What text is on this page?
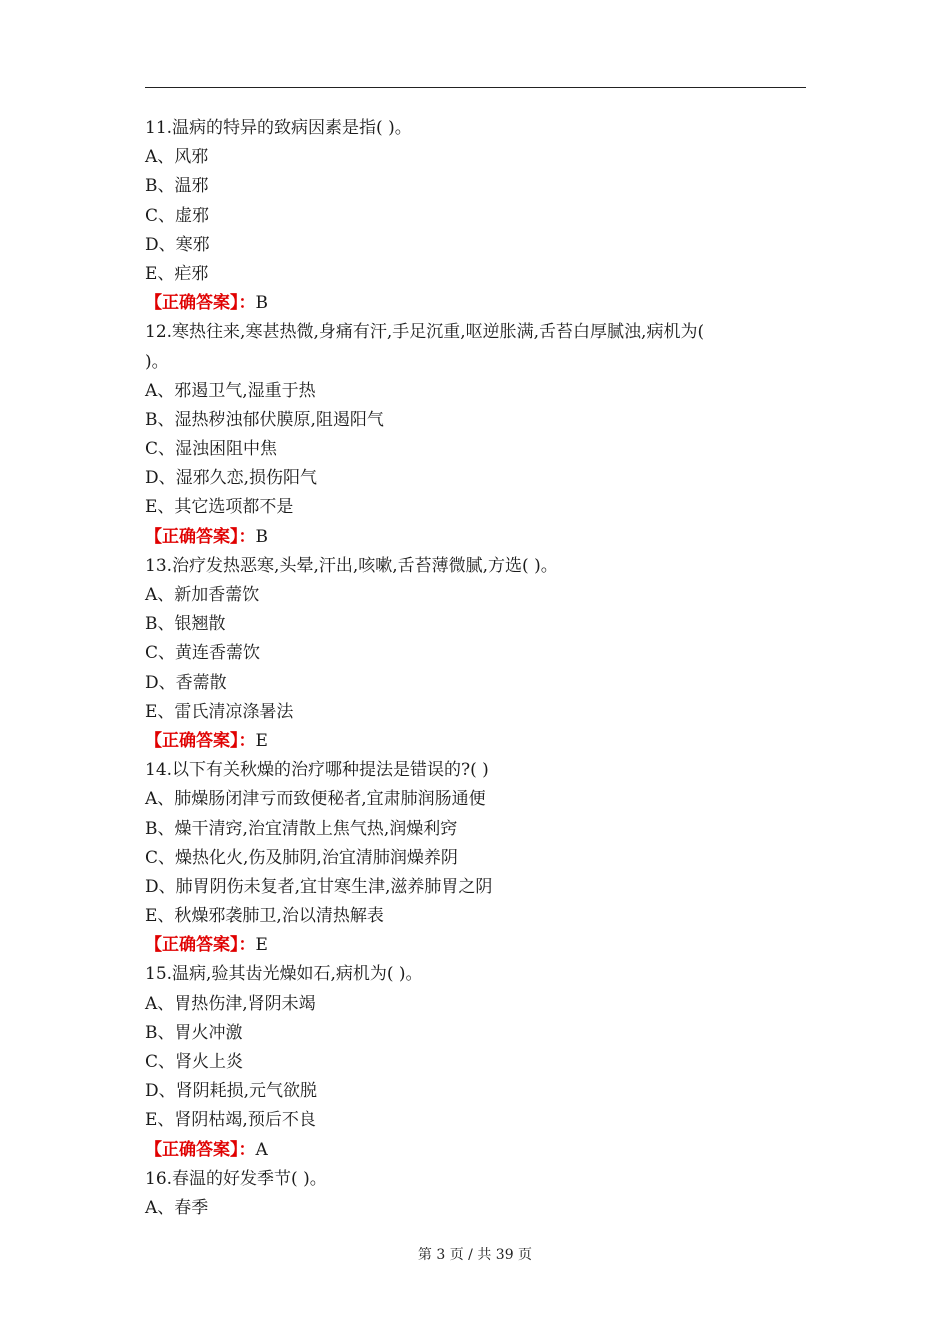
11.温病的特异的致病因素是指( )。
A、风邪
B、温邪
C、虚邪
D、寒邪
E、疟邪
【正确答案】：B
12.寒热往来,寒甚热微,身痛有汗,手足沉重,呕逆胀满,舌苔白厚腻浊,病机为(
)。
A、邪遏卫气,湿重于热
B、湿热秽浊郁伏膜原,阻遏阳气
C、湿浊困阻中焦
D、湿邪久恋,损伤阳气
E、其它选项都不是
【正确答案】：B
13.治疗发热恶寒,头晕,汗出,咳嗽,舌苔薄微腻,方选( )。
A、新加香薷饮
B、银翘散
C、黄连香薷饮
D、香薷散
E、雷氏清凉涤暑法
【正确答案】：E
14.以下有关秋燥的治疗哪种提法是错误的?( )
A、肺燥肠闭津亏而致便秘者,宜肃肺润肠通便
B、燥干清窍,治宜清散上焦气热,润燥利窍
C、燥热化火,伤及肺阴,治宜清肺润燥养阴
D、肺胃阴伤未复者,宜甘寒生津,滋养肺胃之阴
E、秋燥邪袭肺卫,治以清热解表
【正确答案】：E
15.温病,验其齿光燥如石,病机为( )。
A、胃热伤津,肾阴未竭
B、胃火冲激
C、肾火上炎
D、肾阴耗损,元气欲脱
E、肾阴枯竭,预后不良
【正确答案】：A
16.春温的好发季节( )。
A、春季
第 3 页 / 共 39 页
